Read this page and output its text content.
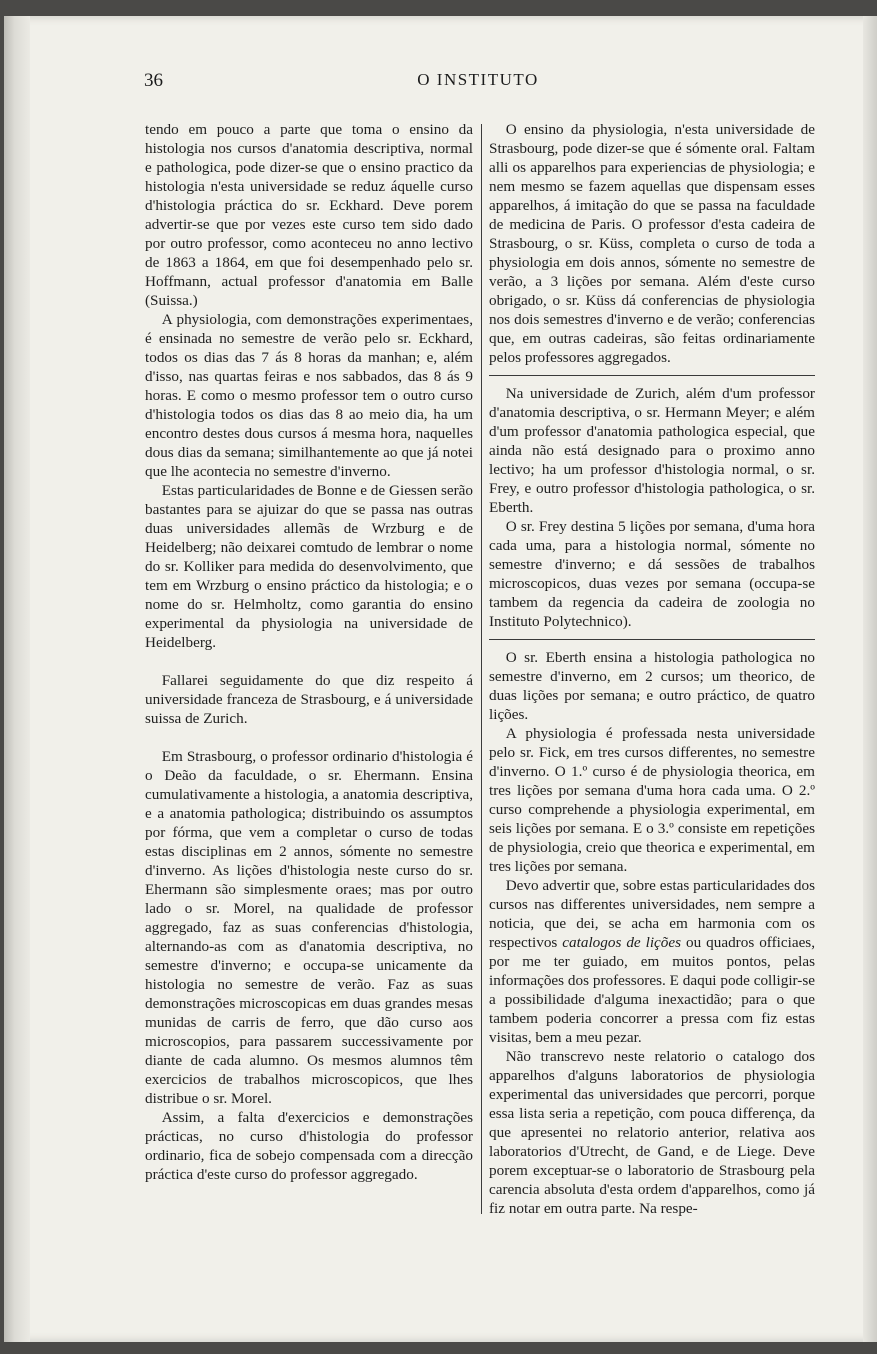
36	O INSTITUTO

tendo em pouco a parte que toma o ensino da histologia nos cursos d'anatomia descriptiva, normal e pathologica, pode dizer-se que o ensino practico da histologia n'esta universidade se reduz áquelle curso d'histologia práctica do sr. Eckhard. Deve porem advertir-se que por vezes este curso tem sido dado por outro professor, como aconteceu no anno lectivo de 1863 a 1864, em que foi desempenhado pelo sr. Hoffmann, actual professor d'anatomia em Balle (Suissa.)

A physiologia, com demonstrações experimentaes, é ensinada no semestre de verão pelo sr. Eckhard, todos os dias das 7 ás 8 horas da manhan; e, além d'isso, nas quartas feiras e nos sabbados, das 8 ás 9 horas. E como o mesmo professor tem o outro curso d'histologia todos os dias das 8 ao meio dia, ha um encontro destes dous cursos á mesma hora, naquelles dous dias da semana; similhantemente ao que já notei que lhe acontecia no semestre d'inverno.

Estas particularidades de Bonne e de Giessen serão bastantes para se ajuizar do que se passa nas outras duas universidades allemãs de Wrzburg e de Heidelberg; não deixarei comtudo de lembrar o nome do sr. Kolliker para medida do desenvolvimento, que tem em Wrzburg o ensino práctico da histologia; e o nome do sr. Helmholtz, como garantia do ensino experimental da physiologia na universidade de Heidelberg.

Fallarei seguidamente do que diz respeito á universidade franceza de Strasbourg, e á universidade suissa de Zurich.

Em Strasbourg, o professor ordinario d'histologia é o Deão da faculdade, o sr. Ehermann. Ensina cumulativamente a histologia, a anatomia descriptiva, e a anatomia pathologica; distribuindo os assumptos por fórma, que vem a completar o curso de todas estas disciplinas em 2 annos, sómente no semestre d'inverno. As lições d'histologia neste curso do sr. Ehermann são simplesmente oraes; mas por outro lado o sr. Morel, na qualidade de professor aggregado, faz as suas conferencias d'histologia, alternando-as com as d'anatomia descriptiva, no semestre d'inverno; e occupa-se unicamente da histologia no semestre de verão. Faz as suas demonstrações microscopicas em duas grandes mesas munidas de carris de ferro, que dão curso aos microscopios, para passarem successivamente por diante de cada alumno. Os mesmos alumnos têm exercicios de trabalhos microscopicos, que lhes distribue o sr. Morel.

Assim, a falta d'exercicios e demonstrações prácticas, no curso d'histologia do professor ordinario, fica de sobejo compensada com a direcção práctica d'este curso do professor aggregado.

O ensino da physiologia, n'esta universidade de Strasbourg, pode dizer-se que é sómente oral. Faltam alli os apparelhos para experiencias de physiologia; e nem mesmo se fazem aquellas que dispensam esses apparelhos, á imitação do que se passa na faculdade de medicina de Paris. O professor d'esta cadeira de Strasbourg, o sr. Küss, completa o curso de toda a physiologia em dois annos, sómente no semestre de verão, a 3 lições por semana. Além d'este curso obrigado, o sr. Küss dá conferencias de physiologia nos dois semestres d'inverno e de verão; conferencias que, em outras cadeiras, são feitas ordinariamente pelos professores aggregados.

Na universidade de Zurich, além d'um professor d'anatomia descriptiva, o sr. Hermann Meyer; e além d'um professor d'anatomia pathologica especial, que ainda não está designado para o proximo anno lectivo; ha um professor d'histologia normal, o sr. Frey, e outro professor d'histologia pathologica, o sr. Eberth.

O sr. Frey destina 5 lições por semana, d'uma hora cada uma, para a histologia normal, sómente no semestre d'inverno; e dá sessões de trabalhos microscopicos, duas vezes por semana (occupa-se tambem da regencia da cadeira de zoologia no Instituto Polytechnico).

O sr. Eberth ensina a histologia pathologica no semestre d'inverno, em 2 cursos; um theorico, de duas lições por semana; e outro práctico, de quatro lições.

A physiologia é professada nesta universidade pelo sr. Fick, em tres cursos differentes, no semestre d'inverno. O 1.º curso é de physiologia theorica, em tres lições por semana d'uma hora cada uma. O 2.º curso comprehende a physiologia experimental, em seis lições por semana. E o 3.º consiste em repetições de physiologia, creio que theorica e experimental, em tres lições por semana.

Devo advertir que, sobre estas particularidades dos cursos nas differentes universidades, nem sempre a noticia, que dei, se acha em harmonia com os respectivos catalogos de lições ou quadros officiaes, por me ter guiado, em muitos pontos, pelas informações dos professores. E daqui pode colligir-se a possibilidade d'alguma inexactidão; para o que tambem poderia concorrer a pressa com fiz estas visitas, bem a meu pezar.

Não transcrevo neste relatorio o catalogo dos apparelhos d'alguns laboratorios de physiologia experimental das universidades que percorri, porque essa lista seria a repetição, com pouca differença, da que apresentei no relatorio anterior, relativa aos laboratorios d'Utrecht, de Gand, e de Liege. Deve porem exceptuar-se o laboratorio de Strasbourg pela carencia absoluta d'esta ordem d'apparelhos, como já fiz notar em outra parte. Na respe-
